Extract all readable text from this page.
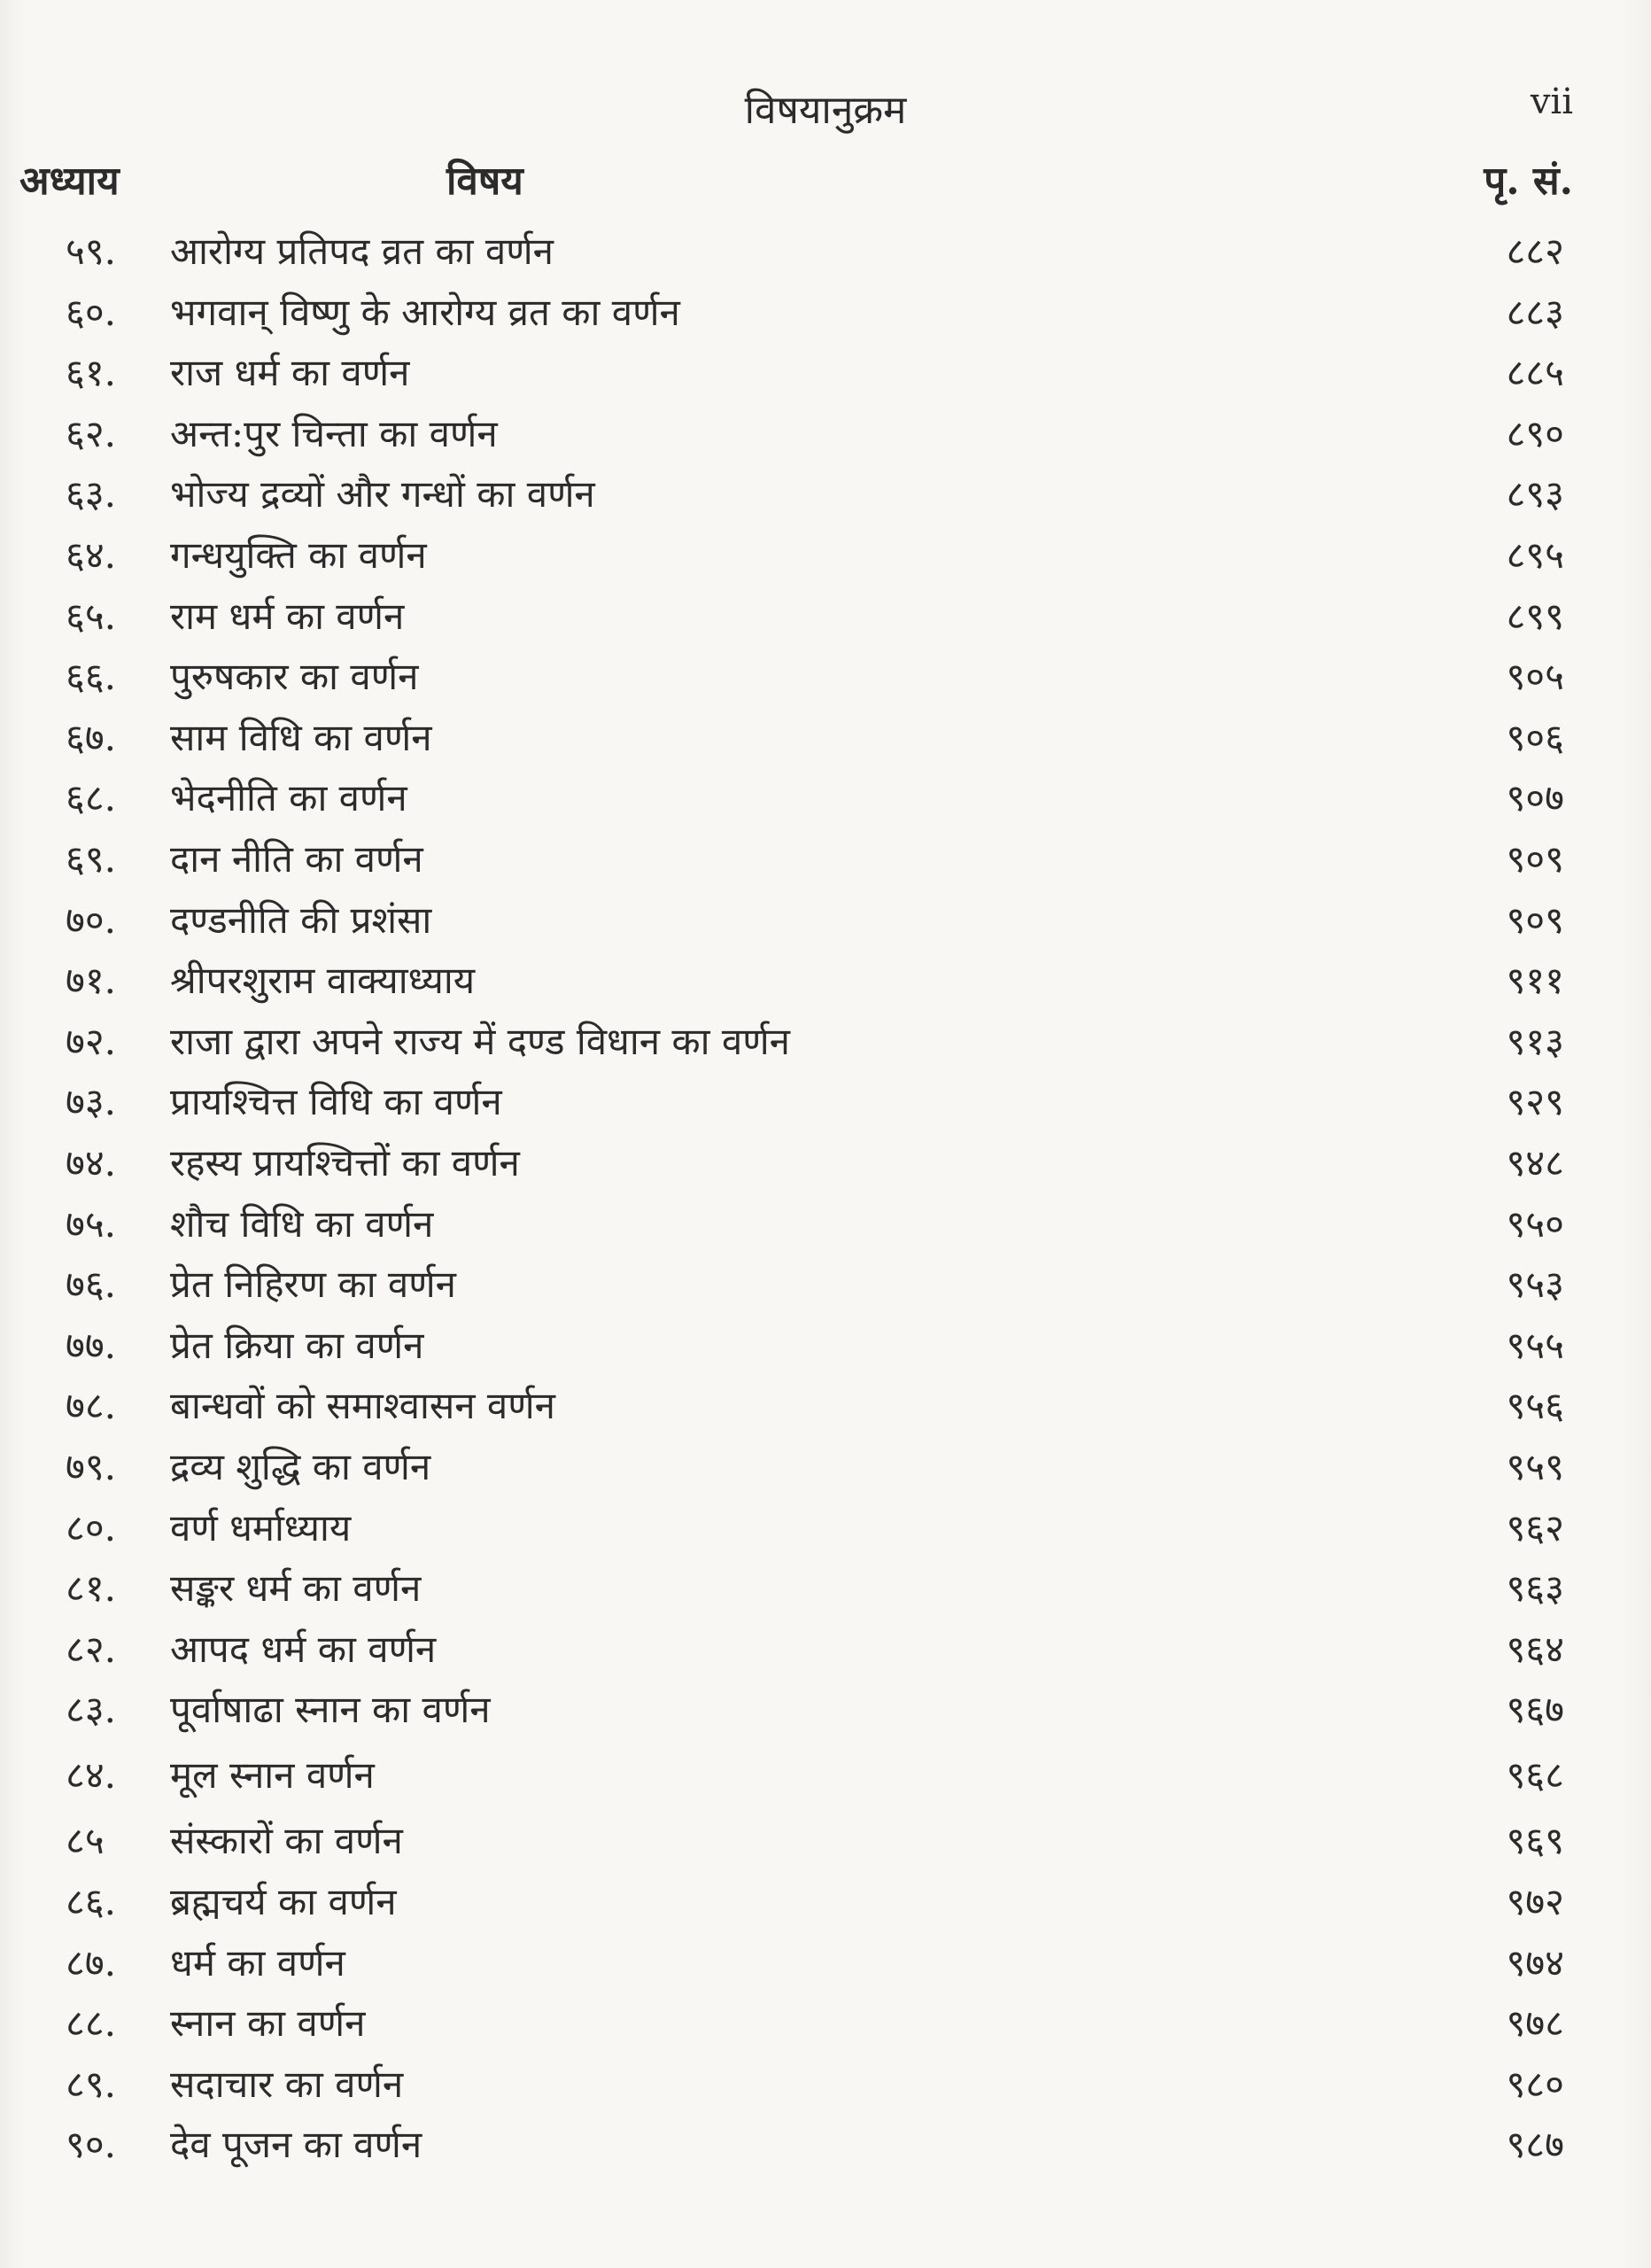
विषयानुक्रम	vii
अध्याय	विषय	पृ. सं.
५९.	आरोग्य प्रतिपद व्रत का वर्णन	८८२
६०.	भगवान् विष्णु के आरोग्य व्रत का वर्णन	८८३
६१.	राज धर्म का वर्णन	८८५
६२.	अन्त:पुर चिन्ता का वर्णन	८९०
६३.	भोज्य द्रव्यों और गन्धों का वर्णन	८९३
६४.	गन्धयुक्ति का वर्णन	८९५
६५.	राम धर्म का वर्णन	८९९
६६.	पुरुषकार का वर्णन	९०५
६७.	साम विधि का वर्णन	९०६
६८.	भेदनीति का वर्णन	९०७
६९.	दान नीति का वर्णन	९०९
७०.	दण्डनीति की प्रशंसा	९०९
७१.	श्रीपरशुराम वाक्याध्याय	९११
७२.	राजा द्वारा अपने राज्य में दण्ड विधान का वर्णन	९१३
७३.	प्रायश्चित्त विधि का वर्णन	९२९
७४.	रहस्य प्रायश्चित्तों का वर्णन	९४८
७५.	शौच विधि का वर्णन	९५०
७६.	प्रेत निहिरण का वर्णन	९५३
७७.	प्रेत क्रिया का वर्णन	९५५
७८.	बान्धवों को समाश्वासन वर्णन	९५६
७९.	द्रव्य शुद्धि का वर्णन	९५९
८०.	वर्ण धर्माध्याय	९६२
८१.	सङ्कर धर्म का वर्णन	९६३
८२.	आपद धर्म का वर्णन	९६४
८३.	पूर्वाषाढा स्नान का वर्णन	९६७
८४.	मूल स्नान वर्णन	९६८
८५	संस्कारों का वर्णन	९६९
८६.	ब्रह्मचर्य का वर्णन	९७२
८७.	धर्म का वर्णन	९७४
८८.	स्नान का वर्णन	९७८
८९.	सदाचार का वर्णन	९८०
९०.	देव पूजन का वर्णन	९८७
